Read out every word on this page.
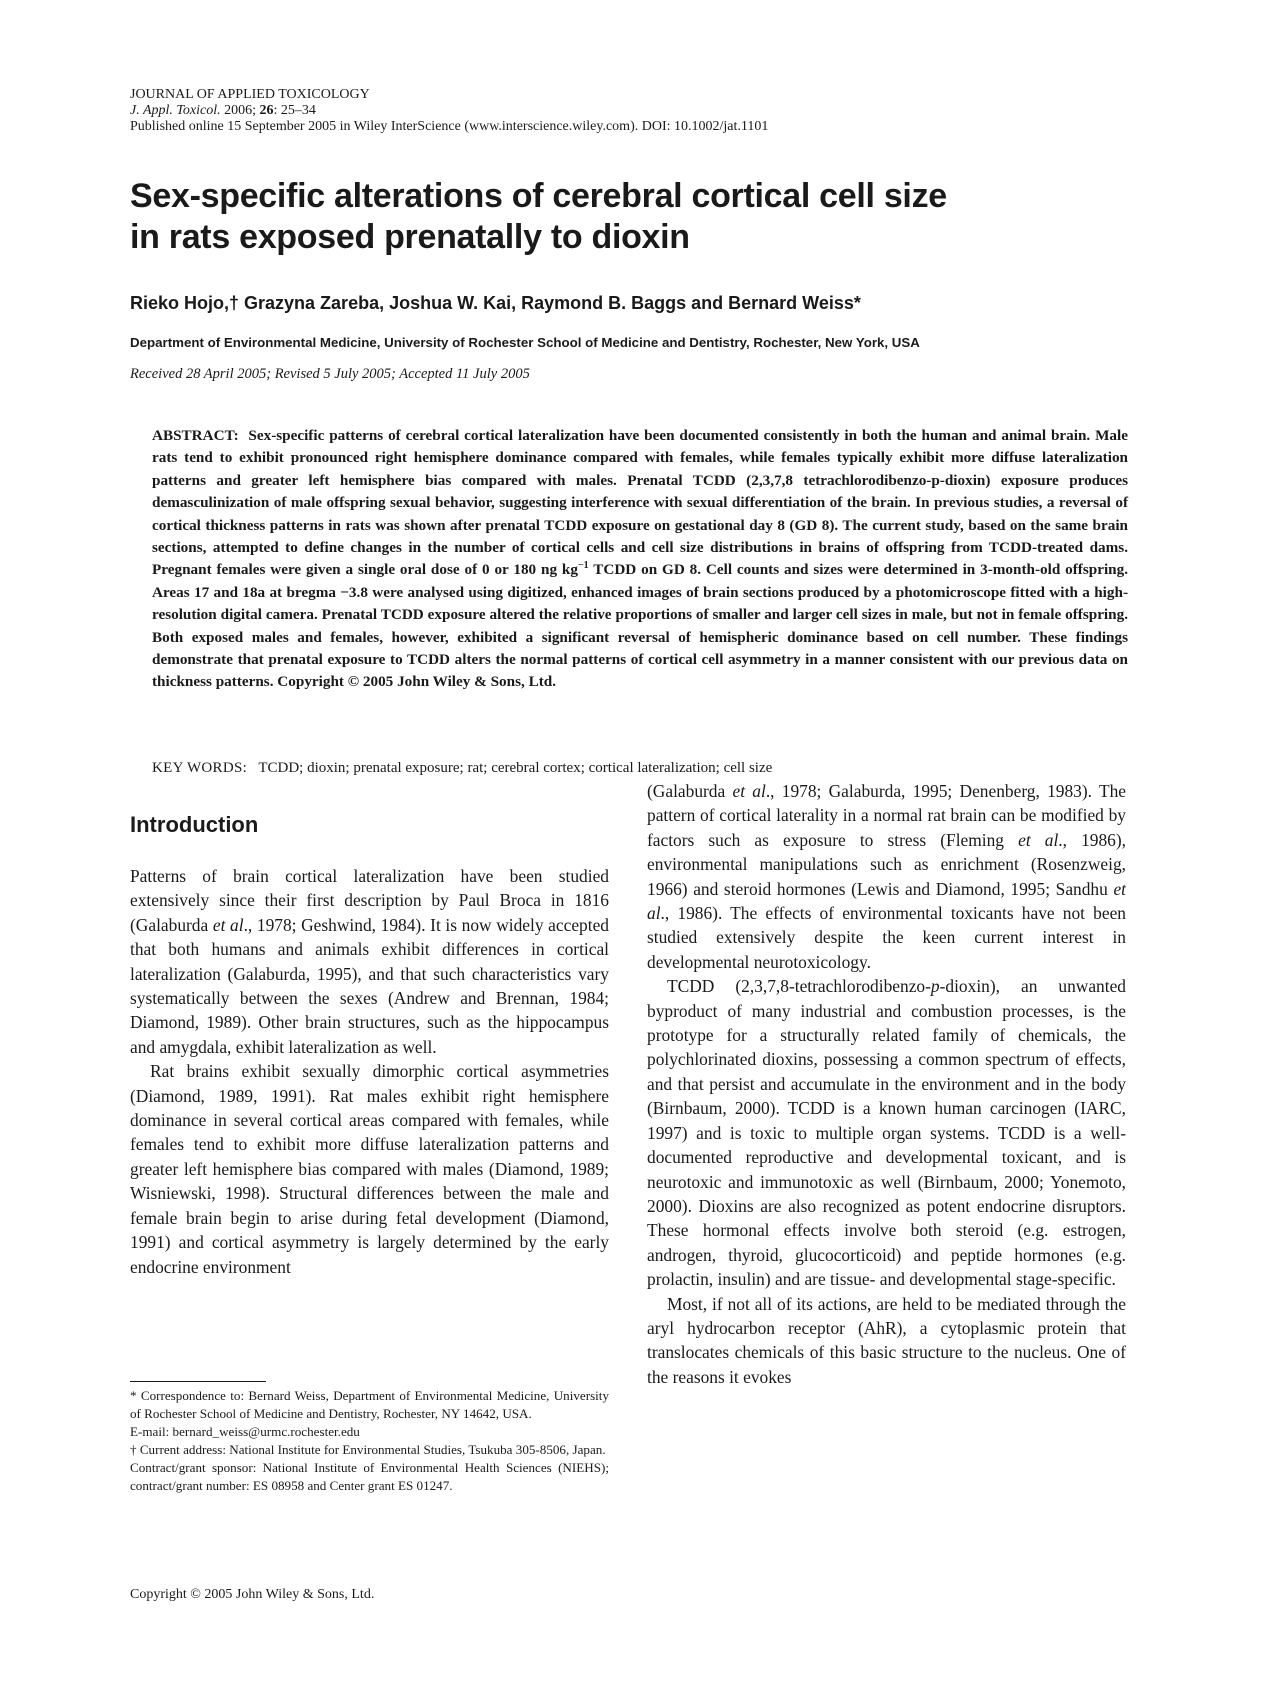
JOURNAL OF APPLIED TOXICOLOGY
J. Appl. Toxicol. 2006; 26: 25–34
Published online 15 September 2005 in Wiley InterScience (www.interscience.wiley.com). DOI: 10.1002/jat.1101
Sex-specific alterations of cerebral cortical cell size
in rats exposed prenatally to dioxin
Rieko Hojo,† Grazyna Zareba, Joshua W. Kai, Raymond B. Baggs and Bernard Weiss*
Department of Environmental Medicine, University of Rochester School of Medicine and Dentistry, Rochester, New York, USA
Received 28 April 2005; Revised 5 July 2005; Accepted 11 July 2005
ABSTRACT: Sex-specific patterns of cerebral cortical lateralization have been documented consistently in both the human and animal brain. Male rats tend to exhibit pronounced right hemisphere dominance compared with females, while females typically exhibit more diffuse lateralization patterns and greater left hemisphere bias compared with males. Prenatal TCDD (2,3,7,8 tetrachlorodibenzo-p-dioxin) exposure produces demasculinization of male offspring sexual behavior, suggesting interference with sexual differentiation of the brain. In previous studies, a reversal of cortical thickness patterns in rats was shown after prenatal TCDD exposure on gestational day 8 (GD 8). The current study, based on the same brain sections, attempted to define changes in the number of cortical cells and cell size distributions in brains of offspring from TCDD-treated dams. Pregnant females were given a single oral dose of 0 or 180 ng $kg^{-1}$ TCDD on GD 8. Cell counts and sizes were determined in 3-month-old offspring. Areas 17 and 18a at bregma −3.8 were analysed using digitized, enhanced images of brain sections produced by a photomicroscope fitted with a high-resolution digital camera. Prenatal TCDD exposure altered the relative proportions of smaller and larger cell sizes in male, but not in female offspring. Both exposed males and females, however, exhibited a significant reversal of hemispheric dominance based on cell number. These findings demonstrate that prenatal exposure to TCDD alters the normal patterns of cortical cell asymmetry in a manner consistent with our previous data on thickness patterns. Copyright © 2005 John Wiley & Sons, Ltd.
KEY WORDS: TCDD; dioxin; prenatal exposure; rat; cerebral cortex; cortical lateralization; cell size
Introduction

Patterns of brain cortical lateralization have been studied extensively since their first description by Paul Broca in 1816 (Galaburda et al., 1978; Geshwind, 1984). It is now widely accepted that both humans and animals exhibit differences in cortical lateralization (Galaburda, 1995), and that such characteristics vary systematically between the sexes (Andrew and Brennan, 1984; Diamond, 1989). Other brain structures, such as the hippocampus and amygdala, exhibit lateralization as well.

Rat brains exhibit sexually dimorphic cortical asymmetries (Diamond, 1989, 1991). Rat males exhibit right hemisphere dominance in several cortical areas compared with females, while females tend to exhibit more diffuse lateralization patterns and greater left hemisphere bias compared with males (Diamond, 1989; Wisniewski, 1998). Structural differences between the male and female brain begin to arise during fetal development (Diamond, 1991) and cortical asymmetry is largely determined by the early endocrine environment

(Galaburda et al., 1978; Galaburda, 1995; Denenberg, 1983). The pattern of cortical laterality in a normal rat brain can be modified by factors such as exposure to stress (Fleming et al., 1986), environmental manipulations such as enrichment (Rosenzweig, 1966) and steroid hormones (Lewis and Diamond, 1995; Sandhu et al., 1986). The effects of environmental toxicants have not been studied extensively despite the keen current interest in developmental neurotoxicology.

TCDD (2,3,7,8-tetrachlorodibenzo-p-dioxin), an unwanted byproduct of many industrial and combustion processes, is the prototype for a structurally related family of chemicals, the polychlorinated dioxins, possessing a common spectrum of effects, and that persist and accumulate in the environment and in the body (Birnbaum, 2000). TCDD is a known human carcinogen (IARC, 1997) and is toxic to multiple organ systems. TCDD is a well-documented reproductive and developmental toxicant, and is neurotoxic and immunotoxic as well (Birnbaum, 2000; Yonemoto, 2000). Dioxins are also recognized as potent endocrine disruptors. These hormonal effects involve both steroid (e.g. estrogen, androgen, thyroid, glucocorticoid) and peptide hormones (e.g. prolactin, insulin) and are tissue- and developmental stage-specific.

Most, if not all of its actions, are held to be mediated through the aryl hydrocarbon receptor (AhR), a cytoplasmic protein that translocates chemicals of this basic structure to the nucleus. One of the reasons it evokes

* Correspondence to: Bernard Weiss, Department of Environmental Medicine, University of Rochester School of Medicine and Dentistry, Rochester, NY 14642, USA.

E-mail: bernard_weiss@urmc.rochester.edu

† Current address: National Institute for Environmental Studies, Tsukuba 305-8506, Japan.

Contract/grant sponsor: National Institute of Environmental Health Sciences (NIEHS); contract/grant number: ES 08958 and Center grant ES 01247.

Copyright © 2005 John Wiley & Sons, Ltd.
